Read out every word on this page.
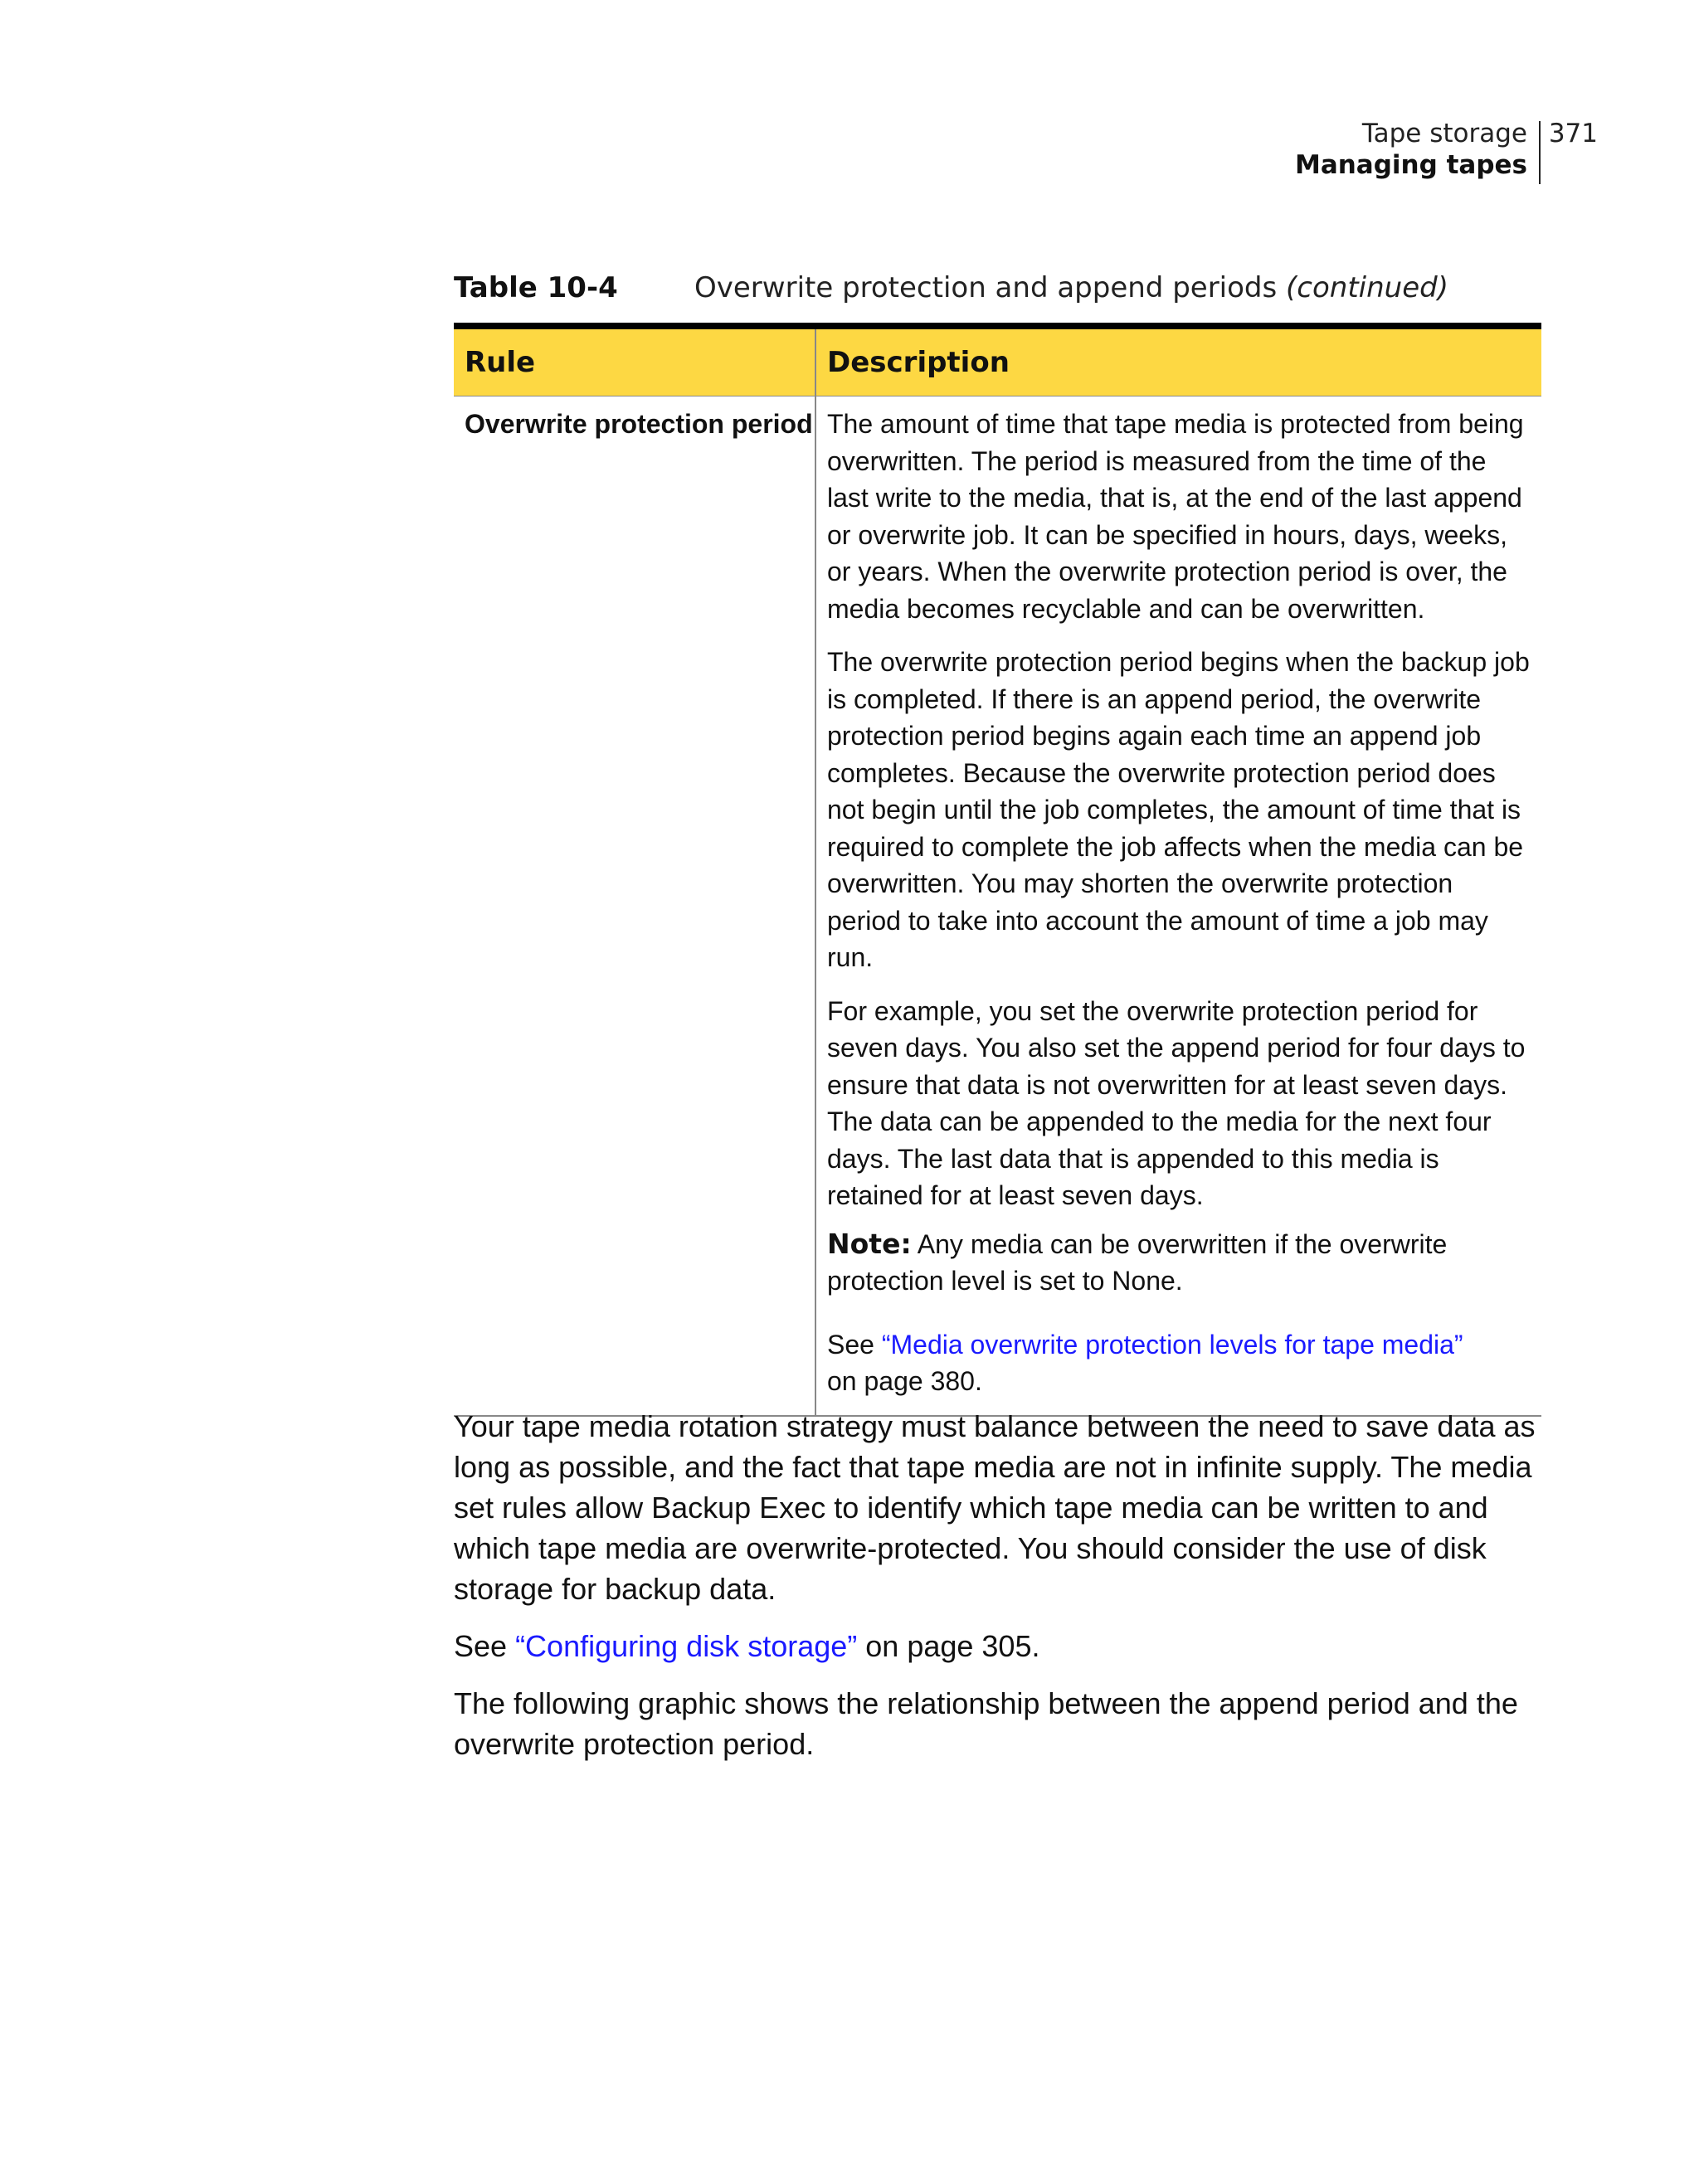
Tape storage
Managing tapes
371
Table 10-4	Overwrite protection and append periods (continued)
Rule	Description
Overwrite protection period The amount of time that tape media is protected from being overwritten. The period is measured from the time of the last write to the media, that is, at the end of the last append or overwrite job. It can be specified in hours, days, weeks, or years. When the overwrite protection period is over, the media becomes recyclable and can be overwritten.

The overwrite protection period begins when the backup job is completed. If there is an append period, the overwrite protection period begins again each time an append job completes. Because the overwrite protection period does not begin until the job completes, the amount of time that is required to complete the job affects when the media can be overwritten. You may shorten the overwrite protection period to take into account the amount of time a job may run.

For example, you set the overwrite protection period for seven days. You also set the append period for four days to ensure that data is not overwritten for at least seven days. The data can be appended to the media for the next four days. The last data that is appended to this media is retained for at least seven days.

Note: Any media can be overwritten if the overwrite protection level is set to None.

See “Media overwrite protection levels for tape media”
on page 380.

Your tape media rotation strategy must balance between the need to save data as long as possible, and the fact that tape media are not in infinite supply. The media set rules allow Backup Exec to identify which tape media can be written to and which tape media are overwrite-protected. You should consider the use of disk storage for backup data.

See “Configuring disk storage” on page 305.

The following graphic shows the relationship between the append period and the overwrite protection period.
